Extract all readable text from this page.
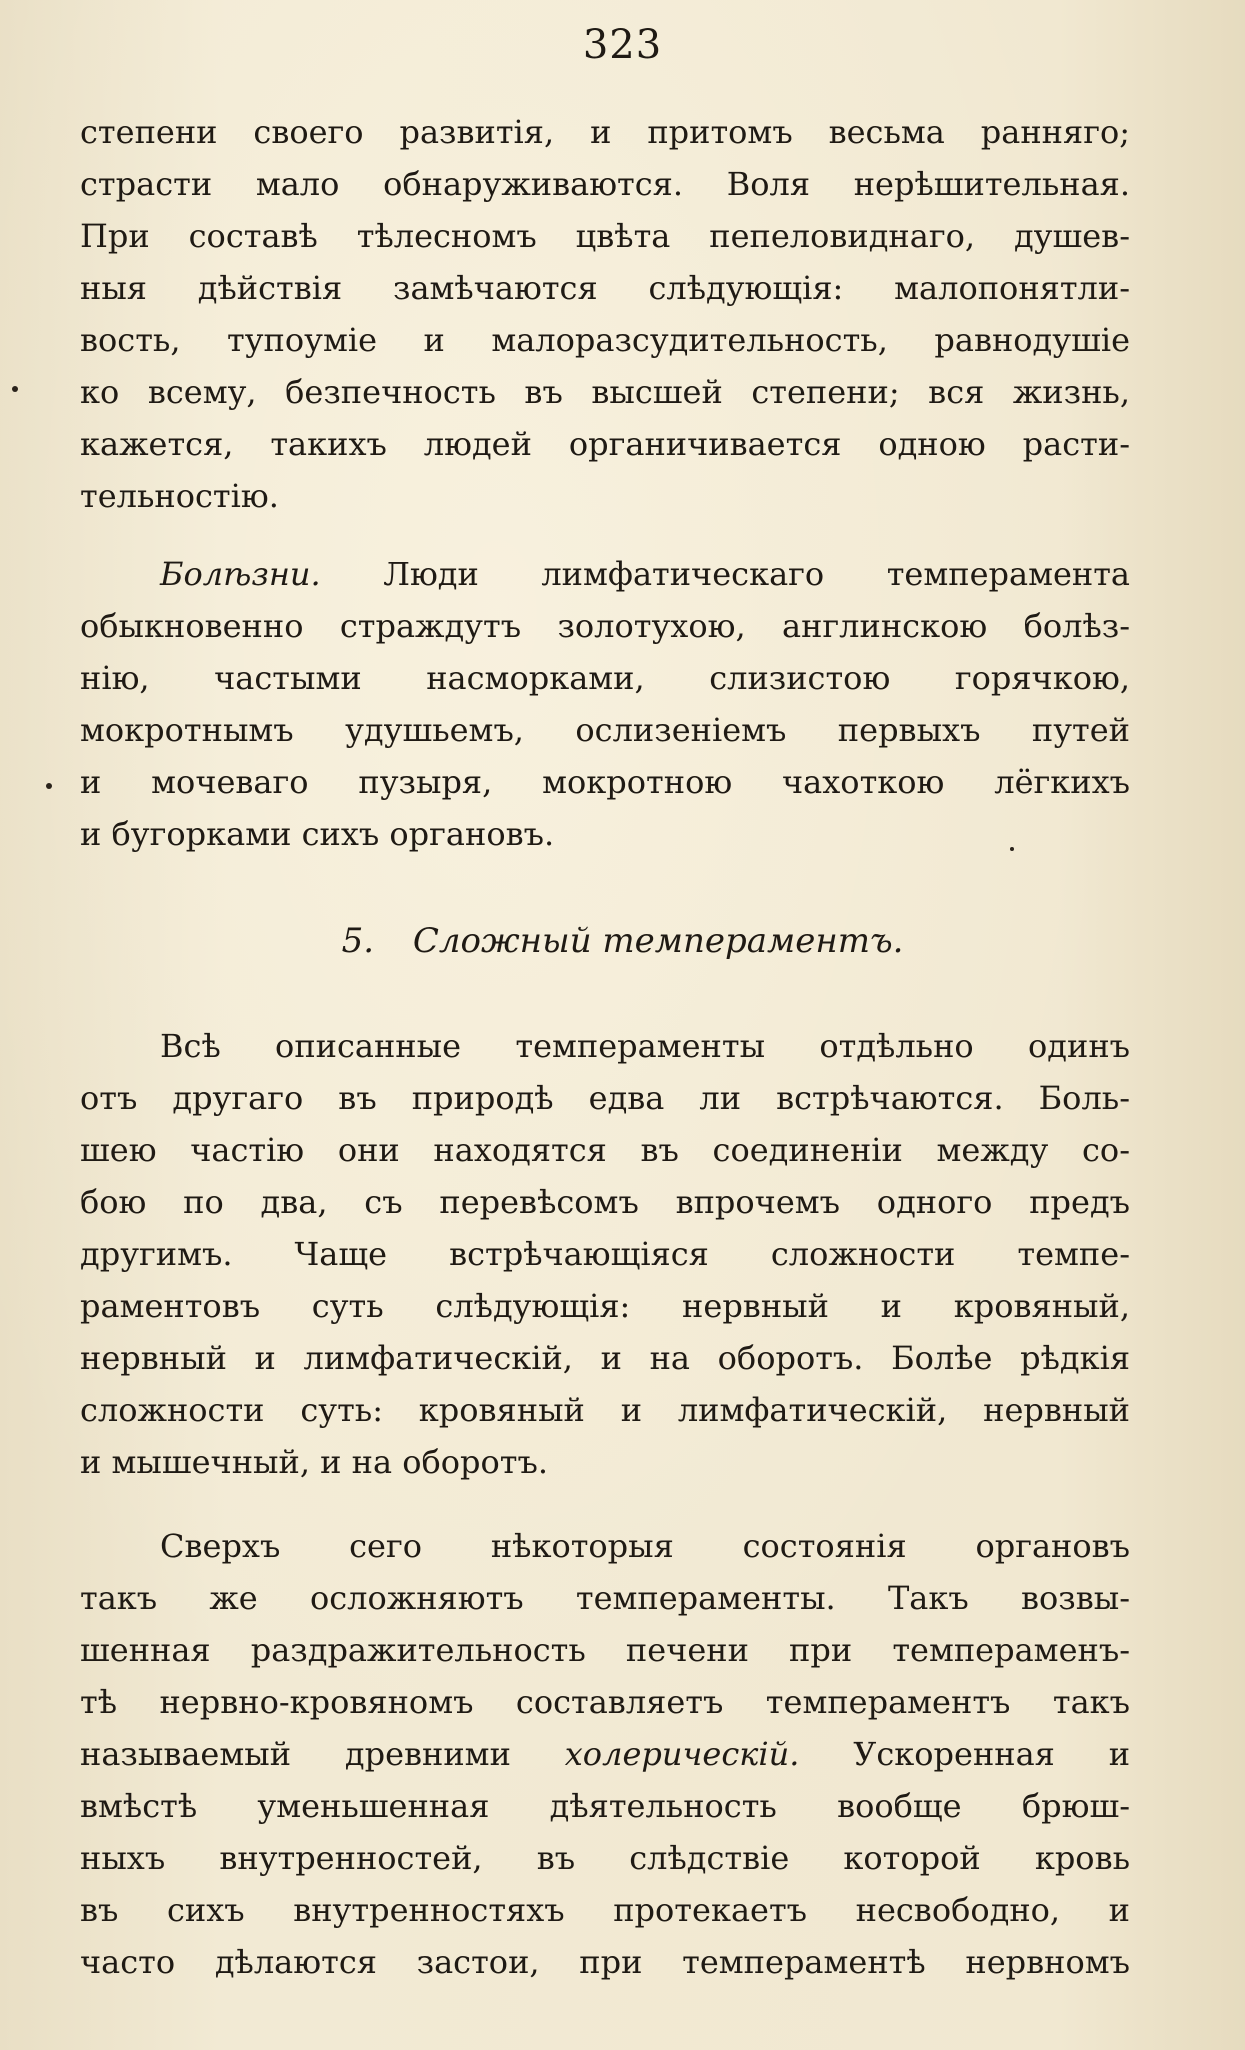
323
степени своего развитія, и притомъ весьма ранняго;
страсти мало обнаруживаются. Воля нерѣшительная.
При составѣ тѣлесномъ цвѣта пепеловиднаго, душев-
ныя дѣйствія замѣчаются слѣдующія: малопонятли-
вость, тупоуміе и малоразсудительность, равнодушіе
ко всему, безпечность въ высшей степени; вся жизнь,
кажется, такихъ людей органичивается одною расти-
тельностію.
Болѣзни. Люди лимфатическаго темперамента
обыкновенно страждутъ золотухою, англинскою болѣз-
нію, частыми насморками, слизистою горячкою,
мокротнымъ удушьемъ, ослизеніемъ первыхъ путей
и мочеваго пузыря, мокротною чахоткою лёгкихъ
и бугорками сихъ органовъ.
5. Сложный темпераментъ.
Всѣ описанные темпераменты отдѣльно одинъ
отъ другаго въ природѣ едва ли встрѣчаются. Боль-
шею частію они находятся въ соединеніи между со-
бою по два, съ перевѣсомъ впрочемъ одного предъ
другимъ. Чаще встрѣчающіяся сложности темпе-
раментовъ суть слѣдующія: нервный и кровяный,
нервный и лимфатическій, и на оборотъ. Болѣе рѣдкія
сложности суть: кровяный и лимфатическій, нервный
и мышечный, и на оборотъ.
Сверхъ сего нѣкоторыя состоянія органовъ
такъ же осложняютъ темпераменты. Такъ возвы-
шенная раздражительность печени при темпераменъ-
тѣ нервно-кровяномъ составляетъ темпераментъ такъ
называемый древними холерическій. Ускоренная и
вмѣстѣ уменьшенная дѣятельность вообще брюш-
ныхъ внутренностей, въ слѣдствіе которой кровь
въ сихъ внутренностяхъ протекаетъ несвободно, и
часто дѣлаются застои, при темпераментѣ нервномъ
